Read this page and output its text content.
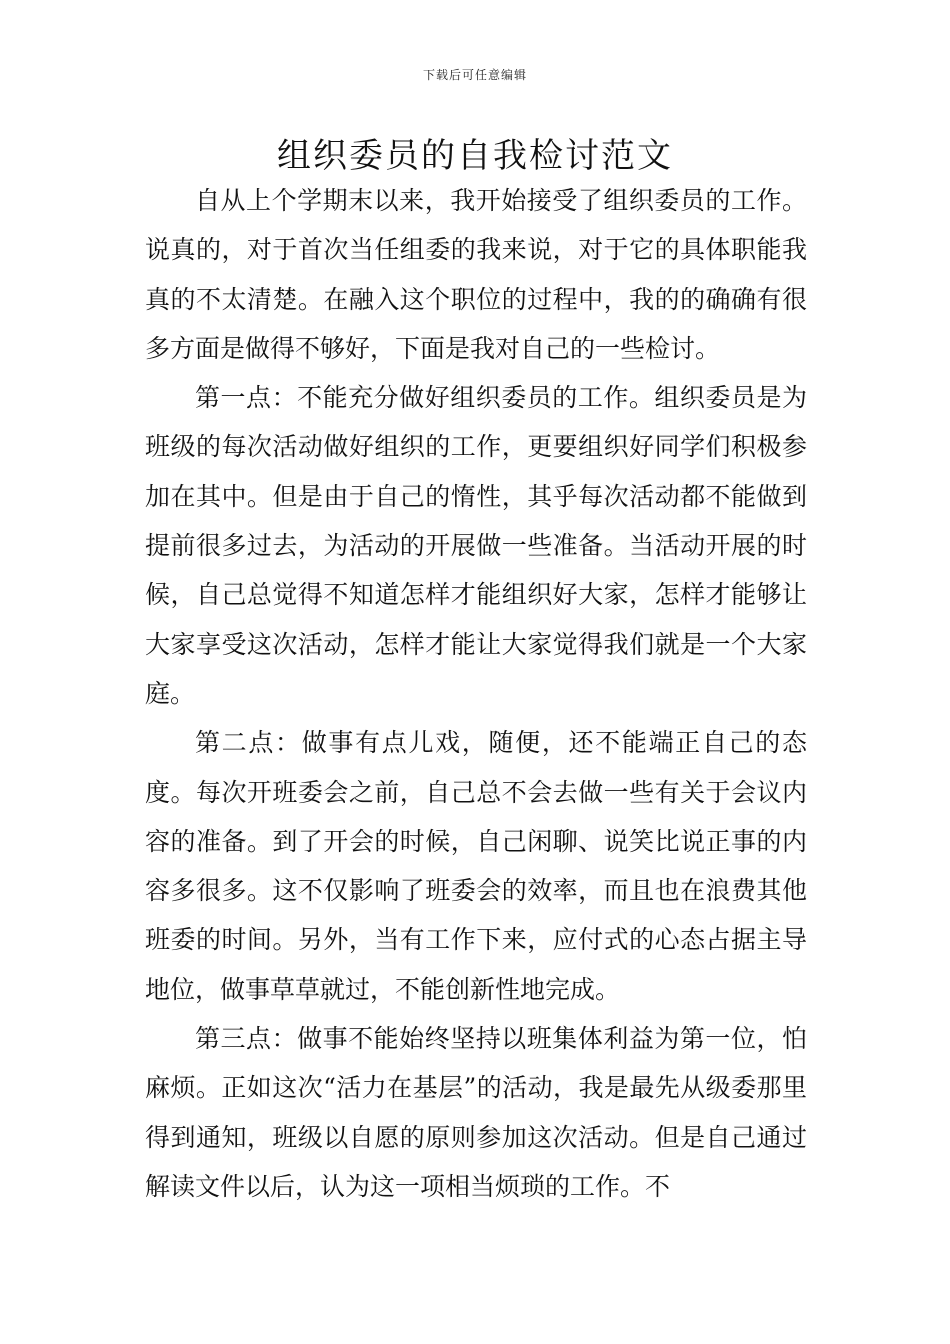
下载后可任意编辑
组织委员的自我检讨范文

自从上个学期末以来，我开始接受了组织委员的工作。说真的，对于首次当任组委的我来说，对于它的具体职能我真的不太清楚。在融入这个职位的过程中，我的的确确有很多方面是做得不够好，下面是我对自己的一些检讨。

第一点：不能充分做好组织委员的工作。组织委员是为班级的每次活动做好组织的工作，更要组织好同学们积极参加在其中。但是由于自己的惰性，其乎每次活动都不能做到提前很多过去，为活动的开展做一些准备。当活动开展的时候，自己总觉得不知道怎样才能组织好大家，怎样才能够让大家享受这次活动，怎样才能让大家觉得我们就是一个大家庭。

第二点：做事有点儿戏，随便，还不能端正自己的态度。每次开班委会之前，自己总不会去做一些有关于会议内容的准备。到了开会的时候，自己闲聊、说笑比说正事的内容多很多。这不仅影响了班委会的效率，而且也在浪费其他班委的时间。另外，当有工作下来，应付式的心态占据主导地位，做事草草就过，不能创新性地完成。

第三点：做事不能始终坚持以班集体利益为第一位，怕麻烦。正如这次“活力在基层”的活动，我是最先从级委那里得到通知，班级以自愿的原则参加这次活动。但是自己通过解读文件以后，认为这一项相当烦琐的工作。不
